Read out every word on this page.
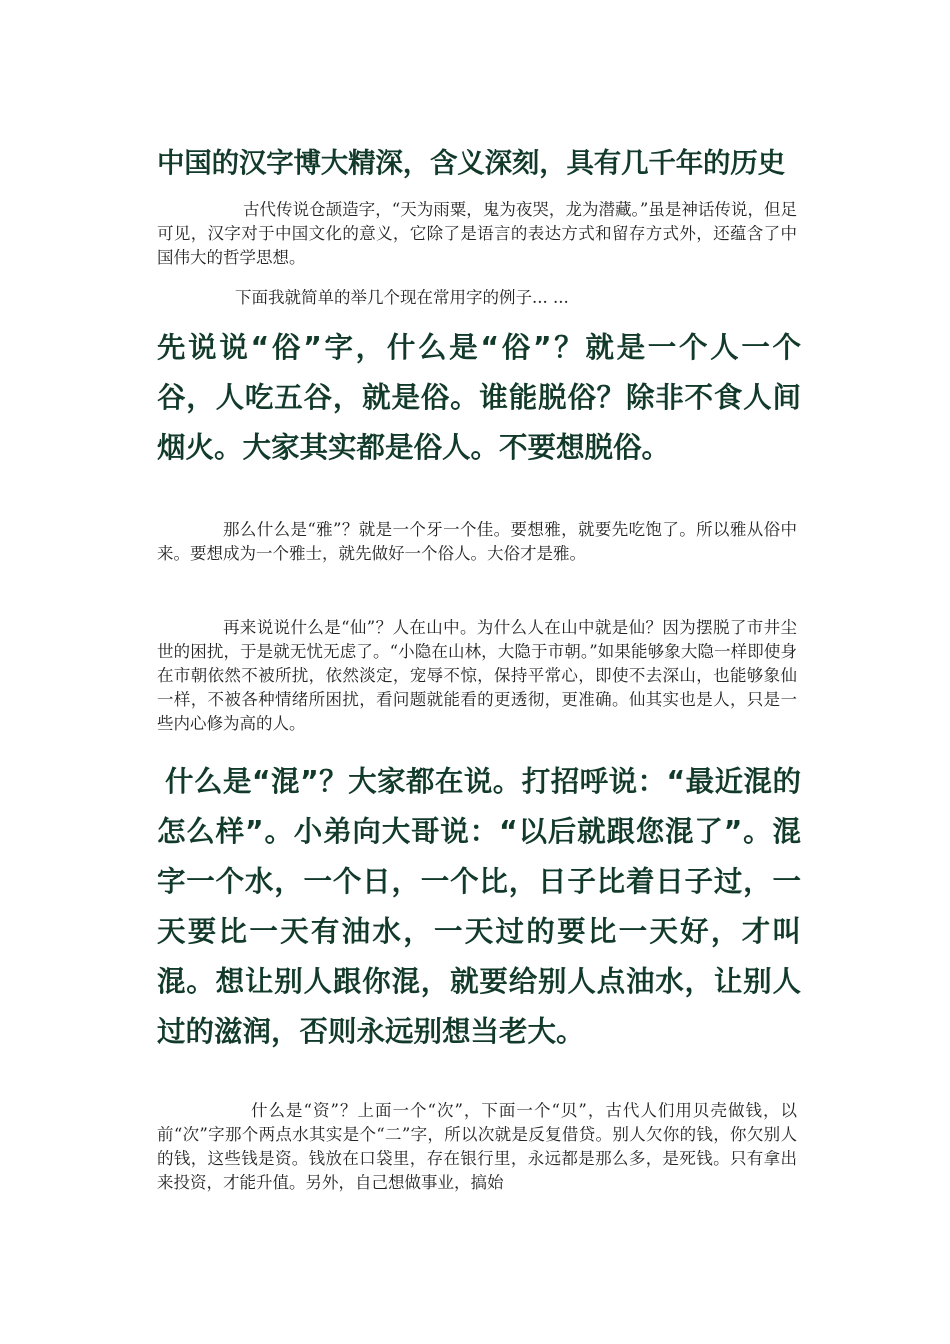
中国的汉字博大精深，含义深刻，具有几千年的历史

古代传说仓颉造字，“天为雨粟，鬼为夜哭，龙为潜藏。”虽是神话传说，但足可见，汉字对于中国文化的意义，它除了是语言的表达方式和留存方式外，还蕴含了中国伟大的哲学思想。

下面我就简单的举几个现在常用字的例子... ...

先说说“俗”字，什么是“俗”？就是一个人一个谷，人吃五谷，就是俗。谁能脱俗？除非不食人间烟火。大家其实都是俗人。不要想脱俗。

那么什么是“雅”？就是一个牙一个佳。要想雅，就要先吃饱了。所以雅从俗中来。要想成为一个雅士，就先做好一个俗人。大俗才是雅。

再来说说什么是“仙”？人在山中。为什么人在山中就是仙？因为摆脱了市井尘世的困扰，于是就无忧无虑了。“小隐在山林，大隐于市朝。”如果能够象大隐一样即使身在市朝依然不被所扰，依然淡定，宠辱不惊，保持平常心，即使不去深山，也能够象仙一样，不被各种情绪所困扰，看问题就能看的更透彻，更准确。仙其实也是人，只是一些内心修为高的人。

什么是“混”？大家都在说。打招呼说：“最近混的怎么样”。小弟向大哥说：“以后就跟您混了”。混字一个水，一个日，一个比，日子比着日子过，一天要比一天有油水，一天过的要比一天好，才叫混。想让别人跟你混，就要给别人点油水，让别人过的滋润，否则永远别想当老大。

什么是“资”？上面一个“次”，下面一个“贝”，古代人们用贝壳做钱，以前“次”字那个两点水其实是个“二”字，所以次就是反复借贷。别人欠你的钱，你欠别人的钱，这些钱是资。钱放在口袋里，存在银行里，永远都是那么多，是死钱。只有拿出来投资，才能升值。另外，自己想做事业，搞始
